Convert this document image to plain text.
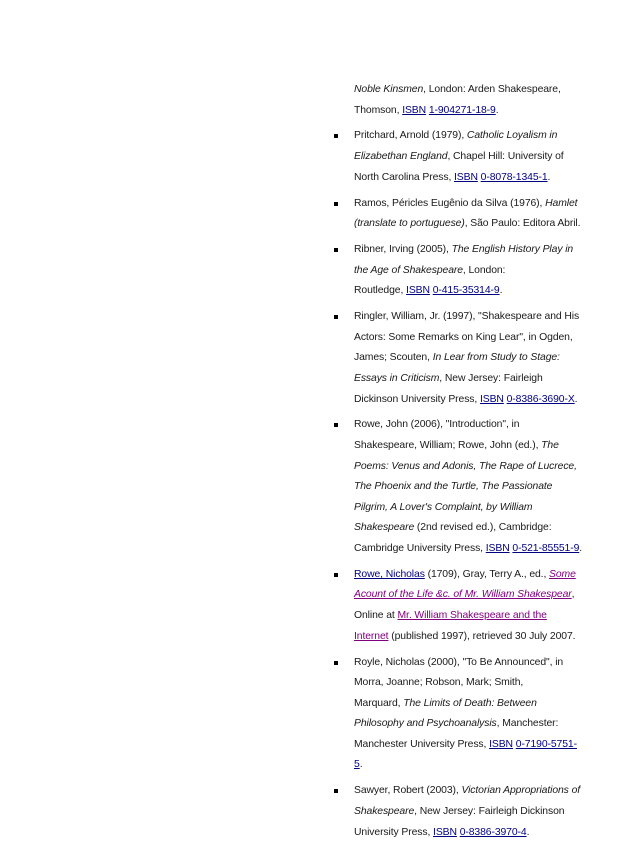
Noble Kinsmen, London: Arden Shakespeare,
Thomson, ISBN 1-904271-18-9.
Pritchard, Arnold (1979), Catholic Loyalism in
Elizabethan England, Chapel Hill: University of
North Carolina Press, ISBN 0-8078-1345-1.
Ramos, Péricles Eugênio da Silva (1976), Hamlet
(translate to portuguese), São Paulo: Editora Abril.
Ribner, Irving (2005), The English History Play in
the Age of Shakespeare, London:
Routledge, ISBN 0-415-35314-9.
Ringler, William, Jr. (1997), "Shakespeare and His
Actors: Some Remarks on King Lear", in Ogden,
James; Scouten, In Lear from Study to Stage:
Essays in Criticism, New Jersey: Fairleigh
Dickinson University Press, ISBN 0-8386-3690-X.
Rowe, John (2006), "Introduction", in
Shakespeare, William; Rowe, John (ed.), The
Poems: Venus and Adonis, The Rape of Lucrece,
The Phoenix and the Turtle, The Passionate
Pilgrim, A Lover's Complaint, by William
Shakespeare (2nd revised ed.), Cambridge:
Cambridge University Press, ISBN 0-521-85551-9.
Rowe, Nicholas (1709), Gray, Terry A., ed., Some
Acount of the Life &c. of Mr. William Shakespear,
Online at Mr. William Shakespeare and the
Internet (published 1997), retrieved 30 July 2007.
Royle, Nicholas (2000), "To Be Announced", in
Morra, Joanne; Robson, Mark; Smith,
Marquard, The Limits of Death: Between
Philosophy and Psychoanalysis, Manchester:
Manchester University Press, ISBN 0-7190-5751-
5.
Sawyer, Robert (2003), Victorian Appropriations of
Shakespeare, New Jersey: Fairleigh Dickinson
University Press, ISBN 0-8386-3970-4.
